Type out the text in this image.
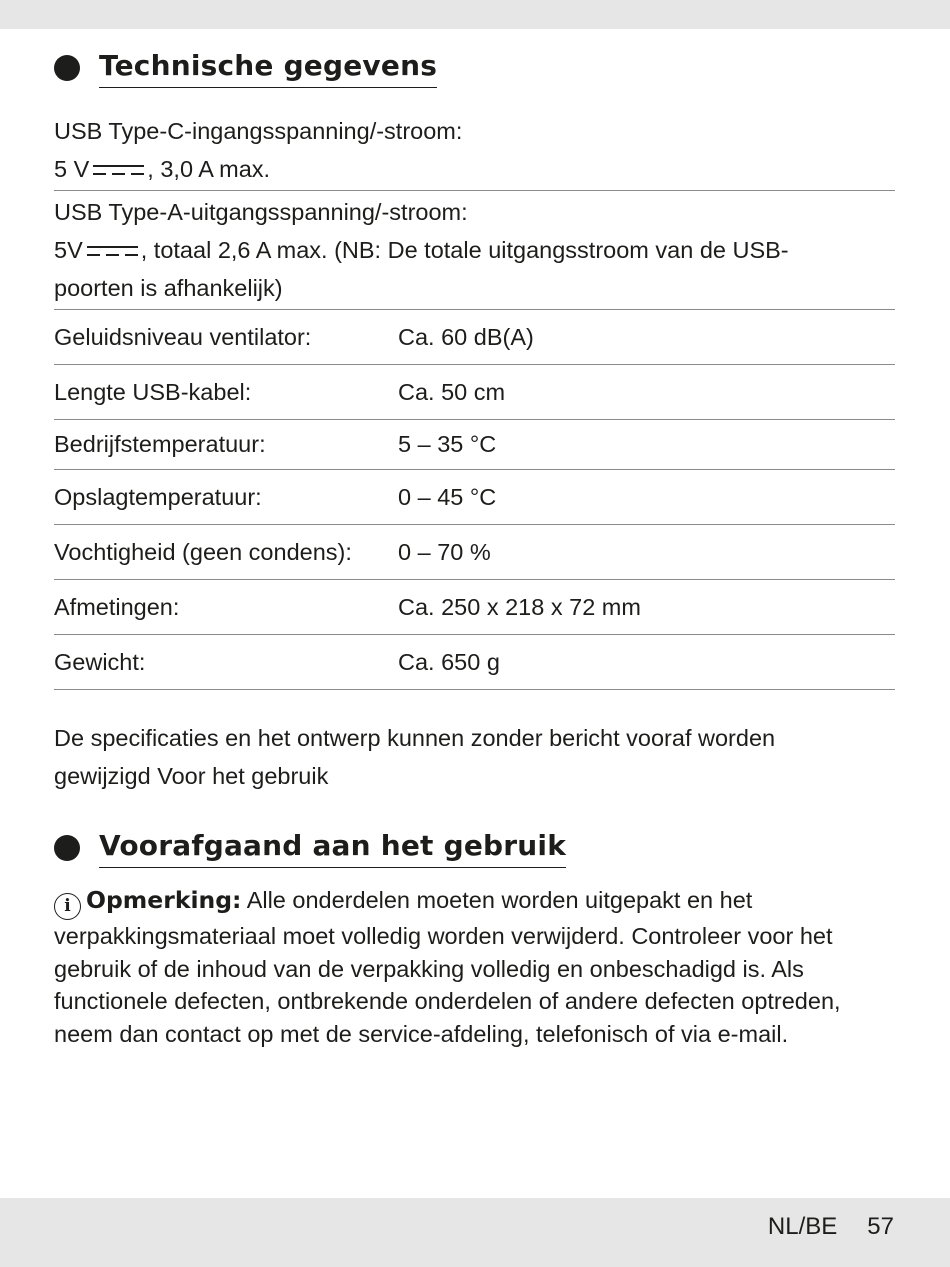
Technische gegevens

USB Type-C-ingangsspanning/-stroom:

5 V , 3,0 A max.

USB Type-A-uitgangsspanning/-stroom:

5V , totaal 2,6 A max. (NB: De totale uitgangsstroom van de USB-

poorten is afhankelijk)

Geluidsniveau ventilator:	Ca. 60 dB(A)
Lengte USB-kabel:	Ca. 50 cm
Bedrijfstemperatuur:	5 – 35 °C
Opslagtemperatuur:	0 – 45 °C
Vochtigheid (geen condens):	0 – 70 %
Afmetingen:	Ca. 250 x 218 x 72 mm
Gewicht:	Ca. 650 g
De specificaties en het ontwerp kunnen zonder bericht vooraf worden
gewijzigd Voor het gebruik
Voorafgaand aan het gebruik
i Opmerking: Alle onderdelen moeten worden uitgepakt en het
verpakkingsmateriaal moet volledig worden verwijderd. Controleer voor het
gebruik of de inhoud van de verpakking volledig en onbeschadigd is. Als
functionele defecten, ontbrekende onderdelen of andere defecten optreden,
neem dan contact op met de service-afdeling, telefonisch of via e-mail.
NL/BE 57
